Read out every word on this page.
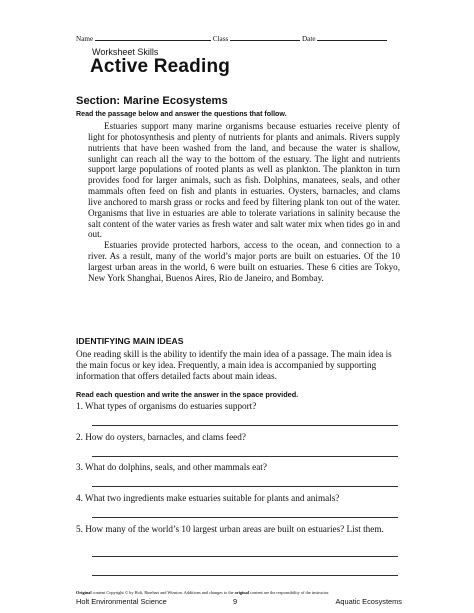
Name	Class	Date
Worksheet Skills
Active Reading
Section: Marine Ecosystems
Read the passage below and answer the questions that follow.

Estuaries support many marine organisms because estuaries receive plenty of light for photosynthesis and plenty of nutrients for plants and animals. Rivers supply nutrients that have been washed from the land, and because the water is shallow, sunlight can reach all the way to the bottom of the estuary. The light and nutrients support large populations of rooted plants as well as plankton. The plankton in turn provides food for larger animals, such as fish. Dolphins, manatees, seals, and other mammals often feed on fish and plants in estuaries. Oysters, barnacles, and clams live anchored to marsh grass or rocks and feed by filtering plank ton out of the water. Organisms that live in estuaries are able to tolerate variations in salinity because the salt content of the water varies as fresh water and salt water mix when tides go in and out.

Estuaries provide protected harbors, access to the ocean, and connection to a river. As a result, many of the world’s major ports are built on estuaries. Of the 10 largest urban areas in the world, 6 were built on estuaries. These 6 cities are Tokyo, New York Shanghai, Buenos Aires, Rio de Janeiro, and Bombay.

IDENTIFYING MAIN IDEAS
One reading skill is the ability to identify the main idea of a passage. The main idea is the main focus or key idea. Frequently, a main idea is accompanied by supporting information that offers detailed facts about main ideas.
Read each question and write the answer in the space provided.
1. What types of organisms do estuaries support?
2. How do oysters, barnacles, and clams feed?
3. What do dolphins, seals, and other mammals eat?
4. What two ingredients make estuaries suitable for plants and animals?
5. How many of the world’s 10 largest urban areas are built on estuaries? List them.
Original content Copyright © by Holt, Rinehart and Winston. Additions and changes to the original content are the responsibility of the instructor.
Holt Environmental Science	9	Aquatic Ecosystems
